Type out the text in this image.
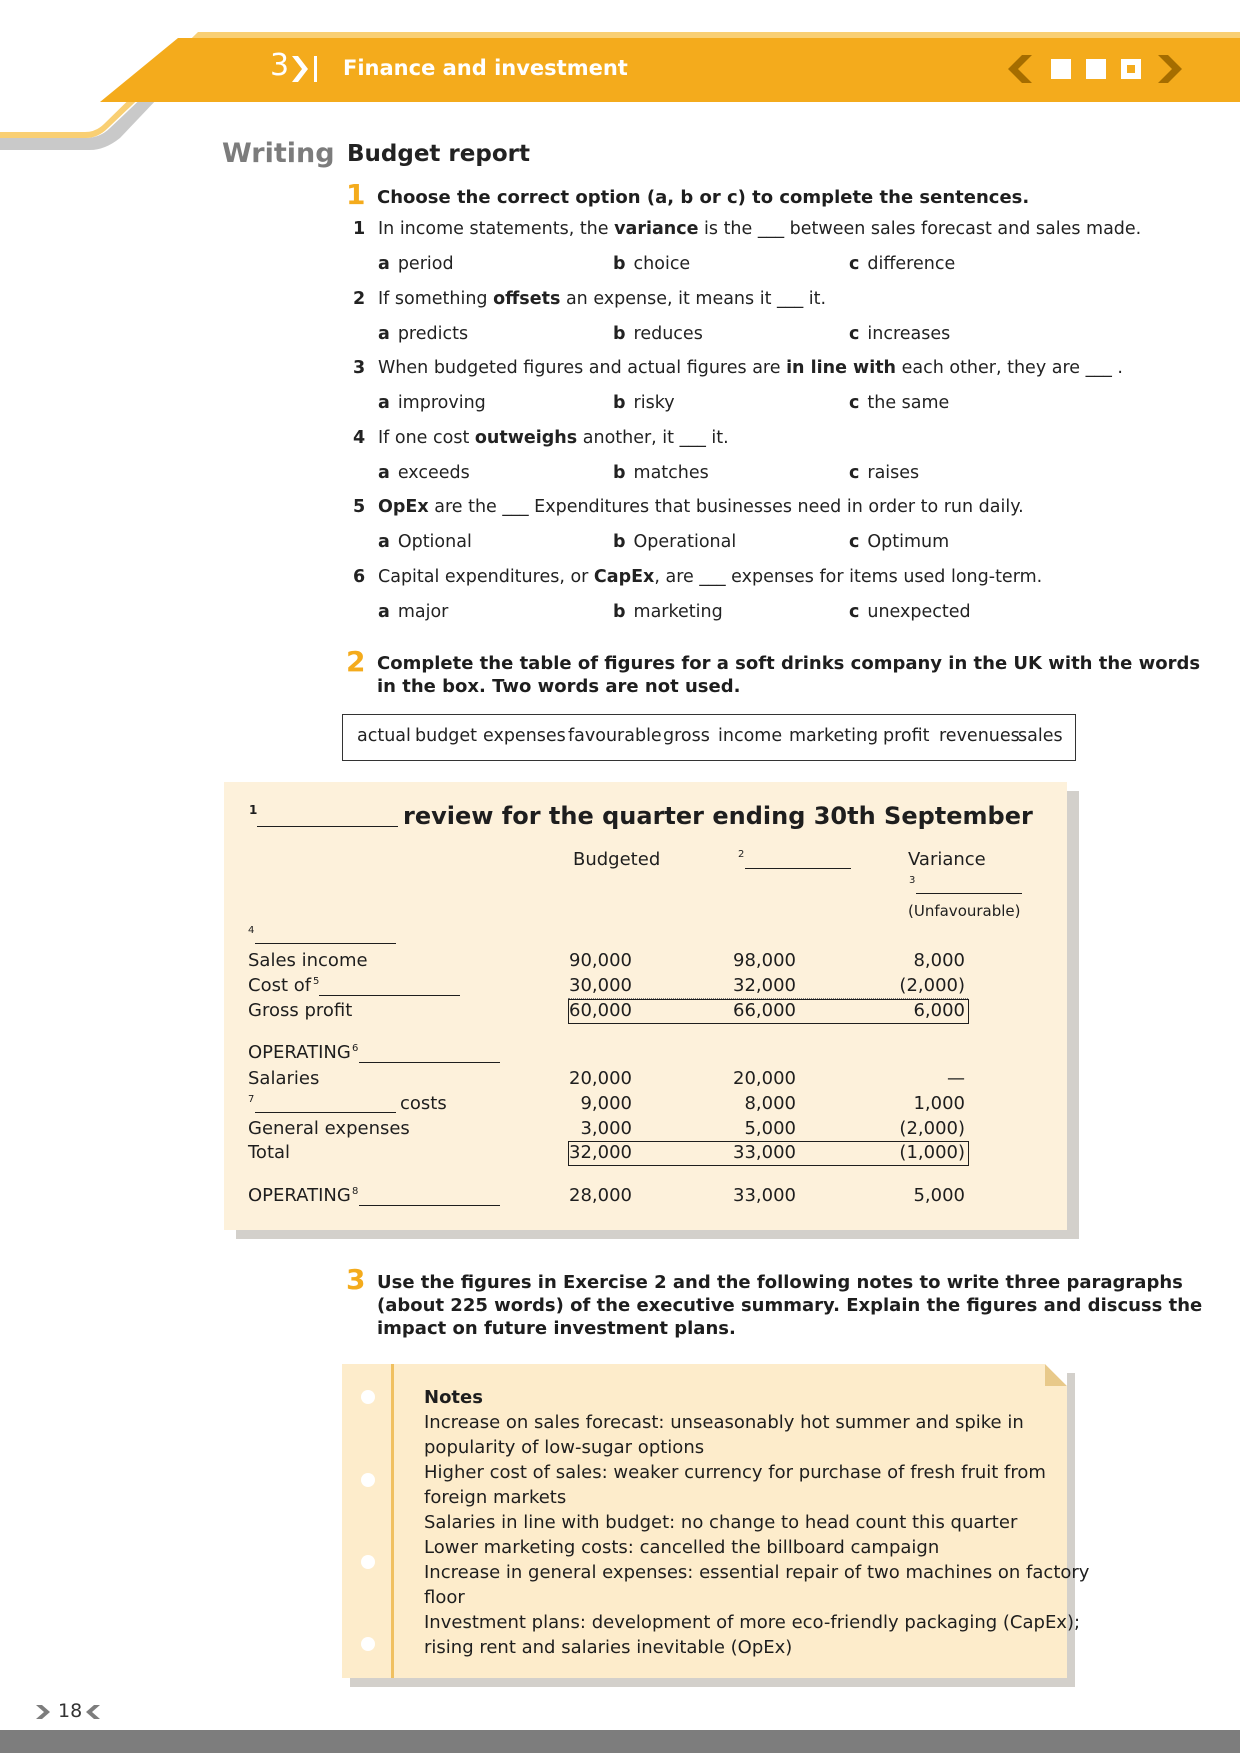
3	Finance and investment
Writing Budget report
1 Choose the correct option (a, b or c) to complete the sentences.
1 In income statements, the variance is the ___ between sales forecast and sales made.
a period	b choice	c difference
2 If something offsets an expense, it means it ___ it.
a predicts	b reduces	c increases
3 When budgeted figures and actual figures are in line with each other, they are ___ .
a improving	b risky	c the same
4 If one cost outweighs another, it ___ it.
a exceeds	b matches	c raises
5 OpEx are the ___ Expenditures that businesses need in order to run daily.
a Optional	b Operational	c Optimum
6 Capital expenditures, or CapEx, are ___ expenses for items used long-term.
a major	b marketing	c unexpected
2 Complete the table of figures for a soft drinks company in the UK with the words
in the box. Two words are not used.
actual budget expenses favourable gross income marketing profit revenues
sales
1	review for the quarter ending 30th September
Budgeted	2	Variance
3
(Unfavourable)
4
Sales income	90,000	98,000	8,000
Cost of 5	30,000	32,000	(2,000)
Gross profit	60,000	66,000	6,000
OPERATING 6
Salaries	20,000	20,000	—
7	costs	9,000	8,000	1,000
General expenses	3,000	5,000	(2,000)
Total	32,000	33,000	(1,000)
OPERATING 8	28,000	33,000	5,000
3 Use the figures in Exercise 2 and the following notes to write three paragraphs
(about 225 words) of the executive summary. Explain the figures and discuss the
impact on future investment plans.
Notes
Increase on sales forecast: unseasonably hot summer and spike in
popularity of low-sugar options
Higher cost of sales: weaker currency for purchase of fresh fruit from
foreign markets
Salaries in line with budget: no change to head count this quarter
Lower marketing costs: cancelled the billboard campaign
Increase in general expenses: essential repair of two machines on factory
floor
Investment plans: development of more eco-friendly packaging (CapEx);
rising rent and salaries inevitable (OpEx)
18
